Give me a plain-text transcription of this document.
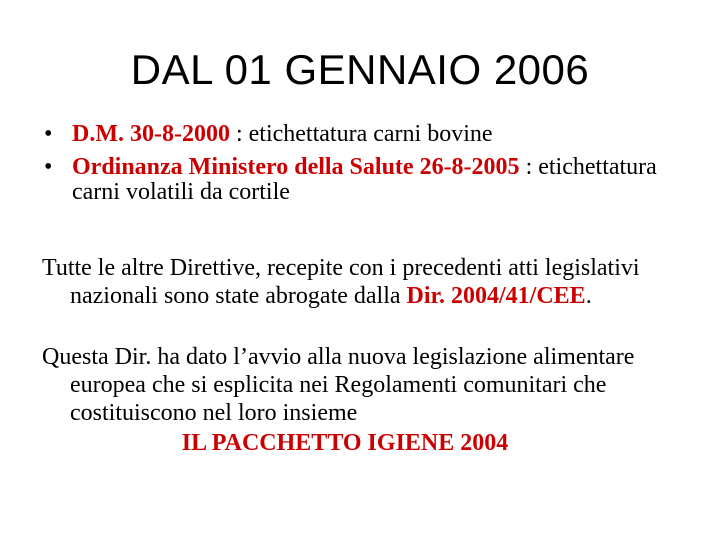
DAL 01 GENNAIO 2006
• D.M. 30-8-2000 : etichettatura carni bovine
• Ordinanza Ministero della Salute 26-8-2005 : etichettatura carni volatili da cortile

Tutte le altre Direttive, recepite con i precedenti atti legislativi nazionali sono state abrogate dalla Dir. 2004/41/CEE.

Questa Dir. ha dato l’avvio alla nuova legislazione alimentare europea che si esplicita nei Regolamenti comunitari che costituiscono nel loro insieme
IL PACCHETTO IGIENE 2004
